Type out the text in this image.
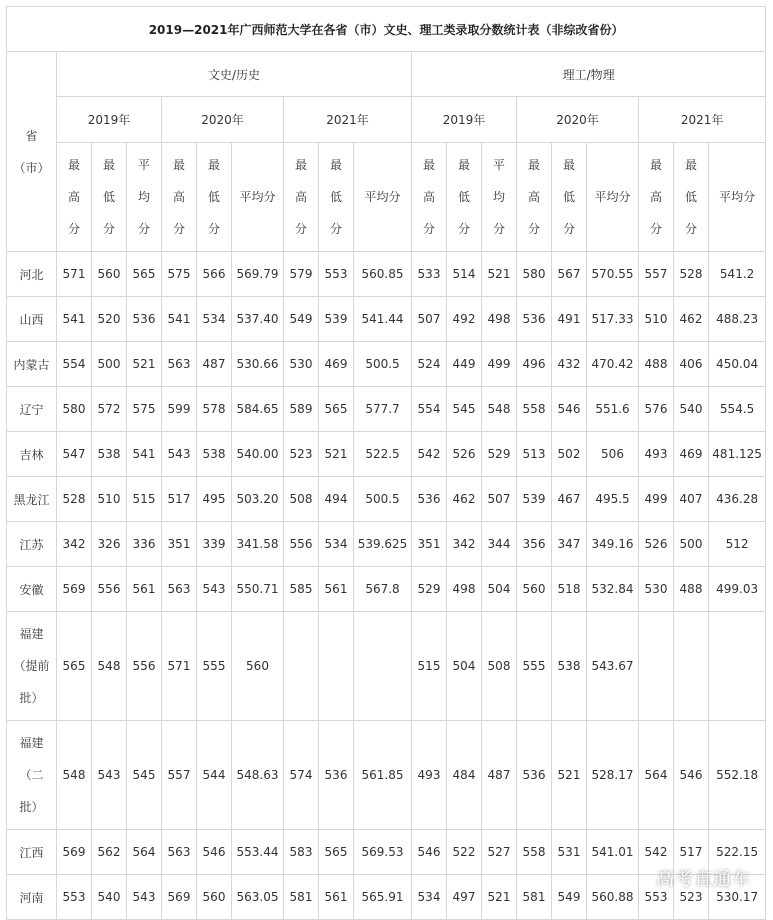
2019—2021年广西师范大学在各省（市）文史、理工类录取分数统计表（非综改省份）																		

省
（市）	文史/历史									理工/物理								
	2019年			2020年			2021年			2019年			2020年			2021年		

	最
高
分	最
低
分	平
均
分	最
高
分	最
低
分	平均分	最
高
分	最
低
分	平均分	最
高
分	最
低
分	平
均
分	最
高
分	最
低
分	平均分	最
高
分	最
低
分	平均分

河北	571	560	565	575	566	569.79	579	553	560.85	533	514	521	580	567	570.55	557	528	541.2

山西	541	520	536	541	534	537.40	549	539	541.44	507	492	498	536	491	517.33	510	462	488.23

内蒙古	554	500	521	563	487	530.66	530	469	500.5	524	449	499	496	432	470.42	488	406	450.04

辽宁	580	572	575	599	578	584.65	589	565	577.7	554	545	548	558	546	551.6	576	540	554.5

吉林	547	538	541	543	538	540.00	523	521	522.5	542	526	529	513	502	506	493	469	481.125

黑龙江	528	510	515	517	495	503.20	508	494	500.5	536	462	507	539	467	495.5	499	407	436.28

江苏	342	326	336	351	339	341.58	556	534	539.625	351	342	344	356	347	349.16	526	500	512

安徽	569	556	561	563	543	550.71	585	561	567.8	529	498	504	560	518	532.84	530	488	499.03

福建
（提前
批）	565	548	556	571	555	560				515	504	508	555	538	543.67			

福建
（二
批）	548	543	545	557	544	548.63	574	536	561.85	493	484	487	536	521	528.17	564	546	552.18

江西	569	562	564	563	546	553.44	583	565	569.53	546	522	527	558	531	541.01	542	517	522.15

河南	553	540	543	569	560	563.05	581	561	565.91	534	497	521	581	549	560.88	553	523	530.17
高考直通车
